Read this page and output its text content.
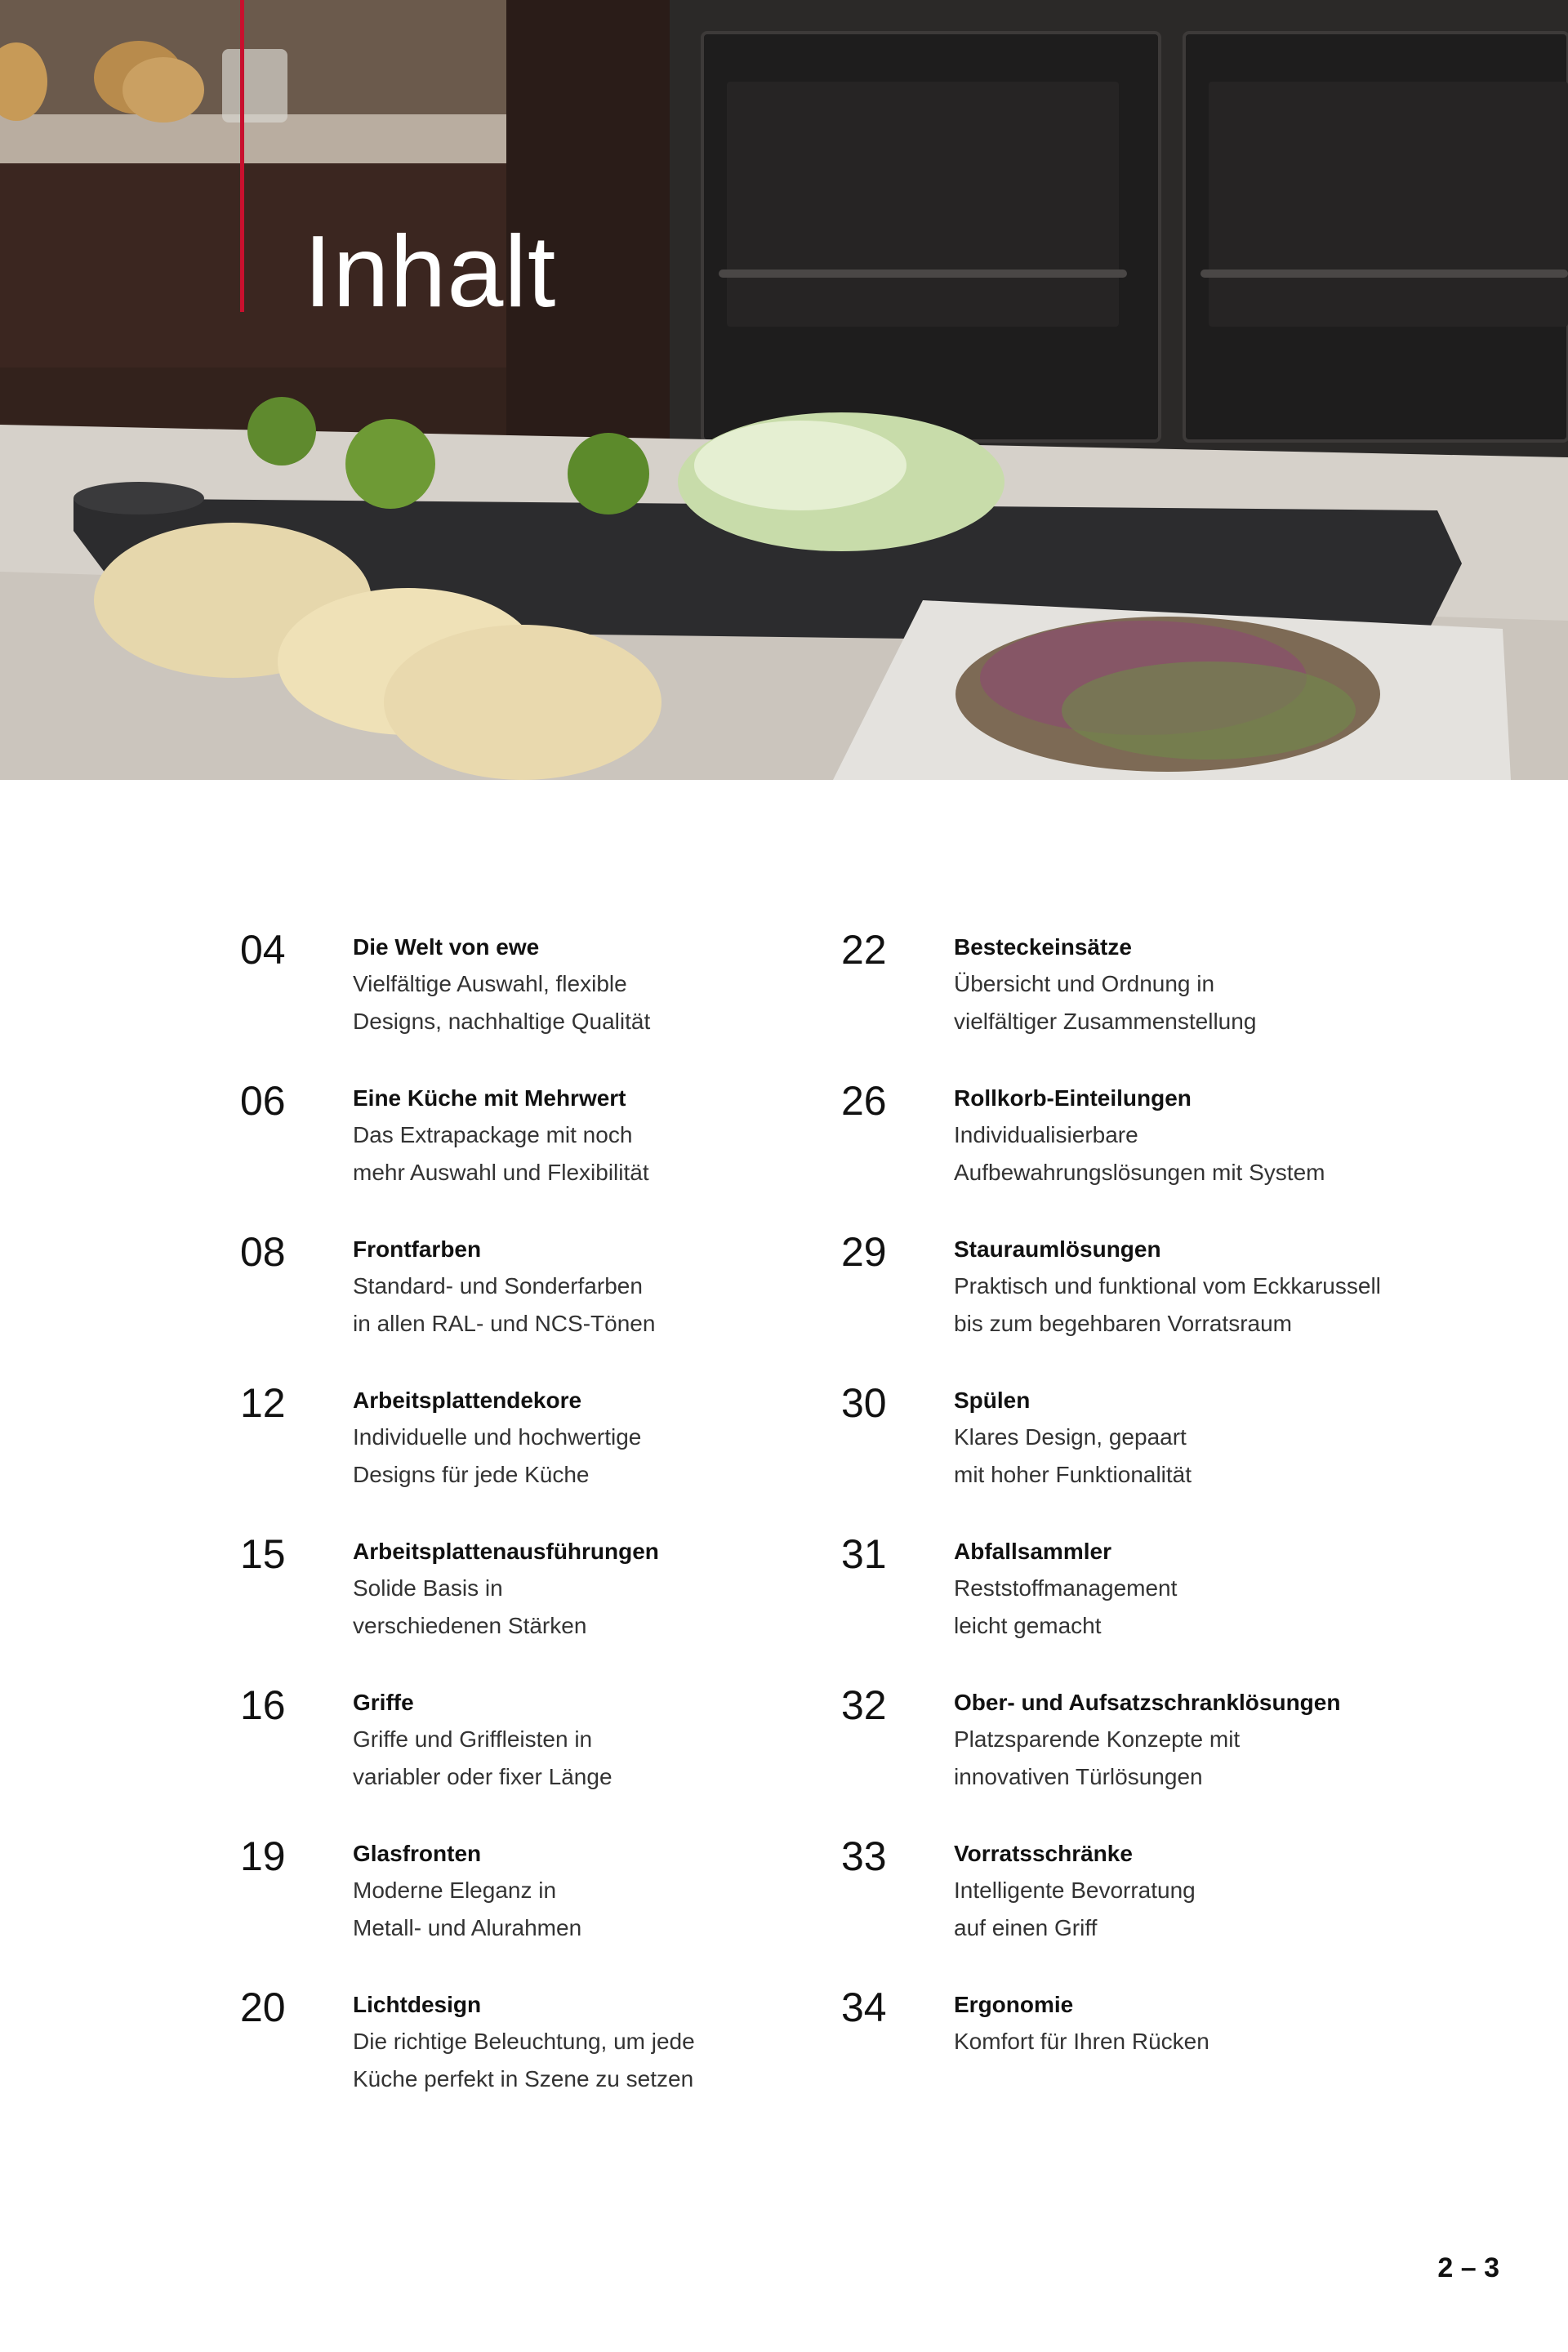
Inhalt
04	Die Welt von ewe
Vielfältige Auswahl, flexible
Designs, nachhaltige Qualität
06	Eine Küche mit Mehrwert
Das Extrapackage mit noch
mehr Auswahl und Flexibilität
08	Frontfarben
Standard- und Sonderfarben
in allen RAL- und NCS-Tönen
12	Arbeitsplattendekore
Individuelle und hochwertige
Designs für jede Küche
15	Arbeitsplattenausführungen
Solide Basis in
verschiedenen Stärken
16	Griffe
Griffe und Griffleisten in
variabler oder fixer Länge
19	Glasfronten
Moderne Eleganz in
Metall- und Alurahmen
20	Lichtdesign
Die richtige Beleuchtung, um jede
Küche perfekt in Szene zu setzen
22	Besteckeinsätze
Übersicht und Ordnung in
vielfältiger Zusammenstellung
26	Rollkorb-Einteilungen
Individualisierbare
Aufbewahrungslösungen mit System
29	Stauraumlösungen
Praktisch und funktional vom Eckkarussell
bis zum begehbaren Vorratsraum
30	Spülen
Klares Design, gepaart
mit hoher Funktionalität
31	Abfallsammler
Reststoffmanagement
leicht gemacht
32	Ober- und Aufsatzschranklösungen
Platzsparende Konzepte mit
innovativen Türlösungen
33	Vorratsschränke
Intelligente Bevorratung
auf einen Griff
34	Ergonomie
Komfort für Ihren Rücken
2 – 3
